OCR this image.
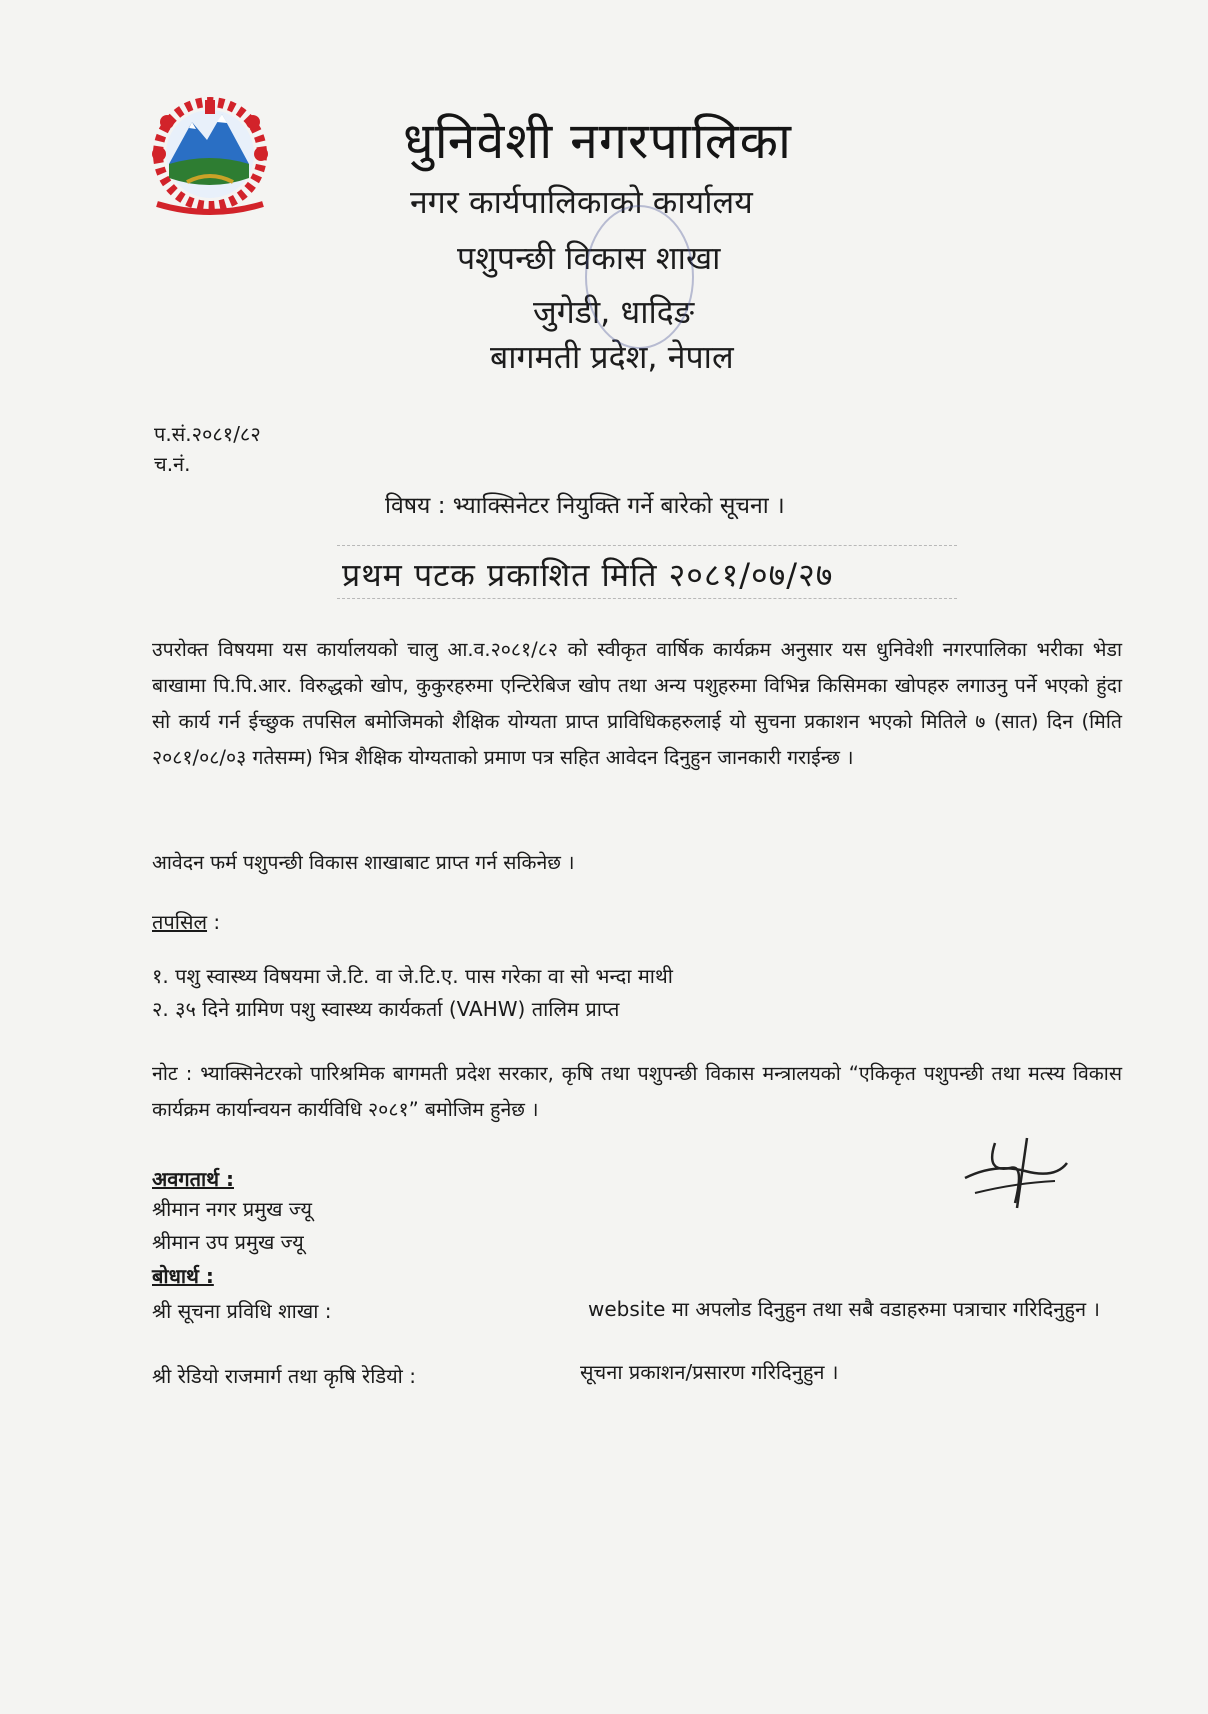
धुनिवेशी नगरपालिका
नगर कार्यपालिकाको कार्यालय
पशुपन्छी विकास शाखा
जुगेडी, धादिङ
बागमती प्रदेश, नेपाल
प.सं.२०८१/८२
च.नं.
विषय : भ्याक्सिनेटर नियुक्ति गर्ने बारेको सूचना ।
प्रथम पटक प्रकाशित मिति २०८१/०७/२७
उपरोक्त विषयमा यस कार्यालयको चालु आ.व.२०८१/८२ को स्वीकृत वार्षिक कार्यक्रम अनुसार यस धुनिवेशी नगरपालिका भरीका भेडा बाखामा पि.पि.आर. विरुद्धको खोप, कुकुरहरुमा एन्टिरेबिज खोप तथा अन्य पशुहरुमा विभिन्न किसिमका खोपहरु लगाउनु पर्ने भएको हुंदा सो कार्य गर्न ईच्छुक तपसिल बमोजिमको शैक्षिक योग्यता प्राप्त प्राविधिकहरुलाई यो सुचना प्रकाशन भएको मितिले ७ (सात) दिन (मिति २०८१/०८/०३ गतेसम्म) भित्र शैक्षिक योग्यताको प्रमाण पत्र सहित आवेदन दिनुहुन जानकारी गराईन्छ ।
आवेदन फर्म पशुपन्छी विकास शाखाबाट प्राप्त गर्न सकिनेछ ।
तपसिल :
१. पशु स्वास्थ्य विषयमा जे.टि. वा जे.टि.ए. पास गरेका वा सो भन्दा माथी
२. ३५ दिने ग्रामिण पशु स्वास्थ्य कार्यकर्ता (VAHW) तालिम प्राप्त
नोट : भ्याक्सिनेटरको पारिश्रमिक बागमती प्रदेश सरकार, कृषि तथा पशुपन्छी विकास मन्त्रालयको “एकिकृत पशुपन्छी तथा मत्स्य विकास कार्यक्रम कार्यान्वयन कार्यविधि २०८१” बमोजिम हुनेछ ।
अवगतार्थ :
श्रीमान नगर प्रमुख ज्यू
श्रीमान उप प्रमुख ज्यू
बोधार्थ :
श्री सूचना प्रविधि शाखा :	website मा अपलोड दिनुहुन तथा सबै वडाहरुमा पत्राचार गरिदिनुहुन ।
श्री रेडियो राजमार्ग तथा कृषि रेडियो :	सूचना प्रकाशन/प्रसारण गरिदिनुहुन ।
